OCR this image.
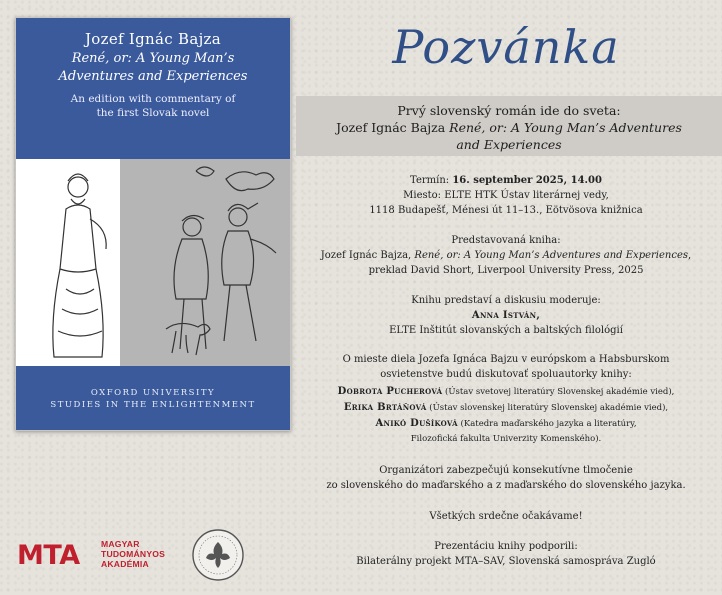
Jozef Ignác Bajza
René, or: A Young Man’s
Adventures and Experiences
An edition with commentary of
the first Slovak novel
OXFORD UNIVERSITY
STUDIES IN THE ENLIGHTENMENT
Pozvánka
Prvý slovenský román ide do sveta:
Jozef Ignác Bajza René, or: A Young Man’s Adventures
and Experiences
Termín: 16. september 2025, 14.00
Miesto: ELTE HTK Ústav literárnej vedy,
1118 Budapešť, Ménesi út 11–13., Eötvösova knižnica
Predstavovaná kniha:
Jozef Ignác Bajza, René, or: A Young Man’s Adventures and Experiences,
preklad David Short, Liverpool University Press, 2025
Knihu predstaví a diskusiu moderuje:
Anna István,
ELTE Inštitút slovanských a baltských filológií
O mieste diela Jozefa Ignáca Bajzu v európskom a Habsburskom
osvietenstve budú diskutovať spoluautorky knihy:
Dobrota Pucherová (Ústav svetovej literatúry Slovenskej akadémie vied),
Erika Brtáňová (Ústav slovenskej literatúry Slovenskej akadémie vied),
Anikó Dušíková (Katedra maďarského jazyka a literatúry,
Filozofická fakulta Univerzity Komenského).
Organizátori zabezpečujú konsekutívne tlmočenie
zo slovenského do maďarského a z maďarského do slovenského jazyka.
Všetkých srdečne očakávame!
Prezentáciu knihy podporili:
Bilaterálny projekt MTA–SAV, Slovenská samospráva Zugló
MTA MAGYAR
TUDOMÁNYOS
AKADÉMIA
